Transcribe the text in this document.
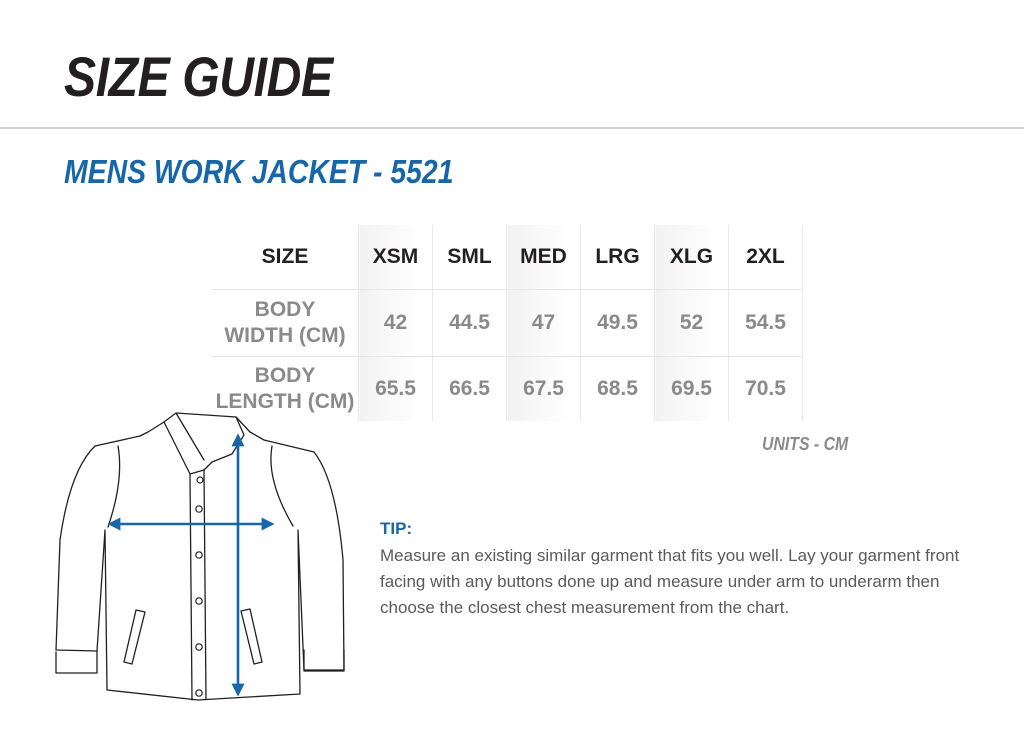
SIZE GUIDE
MENS WORK JACKET - 5521
SIZE	XSM	SML	MED	LRG	XLG	2XL
BODY
WIDTH (CM)	42	44.5	47	49.5	52	54.5
BODY
LENGTH (CM)	65.5	66.5	67.5	68.5	69.5	70.5
UNITS - CM
TIP:

Measure an existing similar garment that fits you well. Lay your garment front facing with any buttons done up and measure under arm to underarm then choose the closest chest measurement from the chart.
